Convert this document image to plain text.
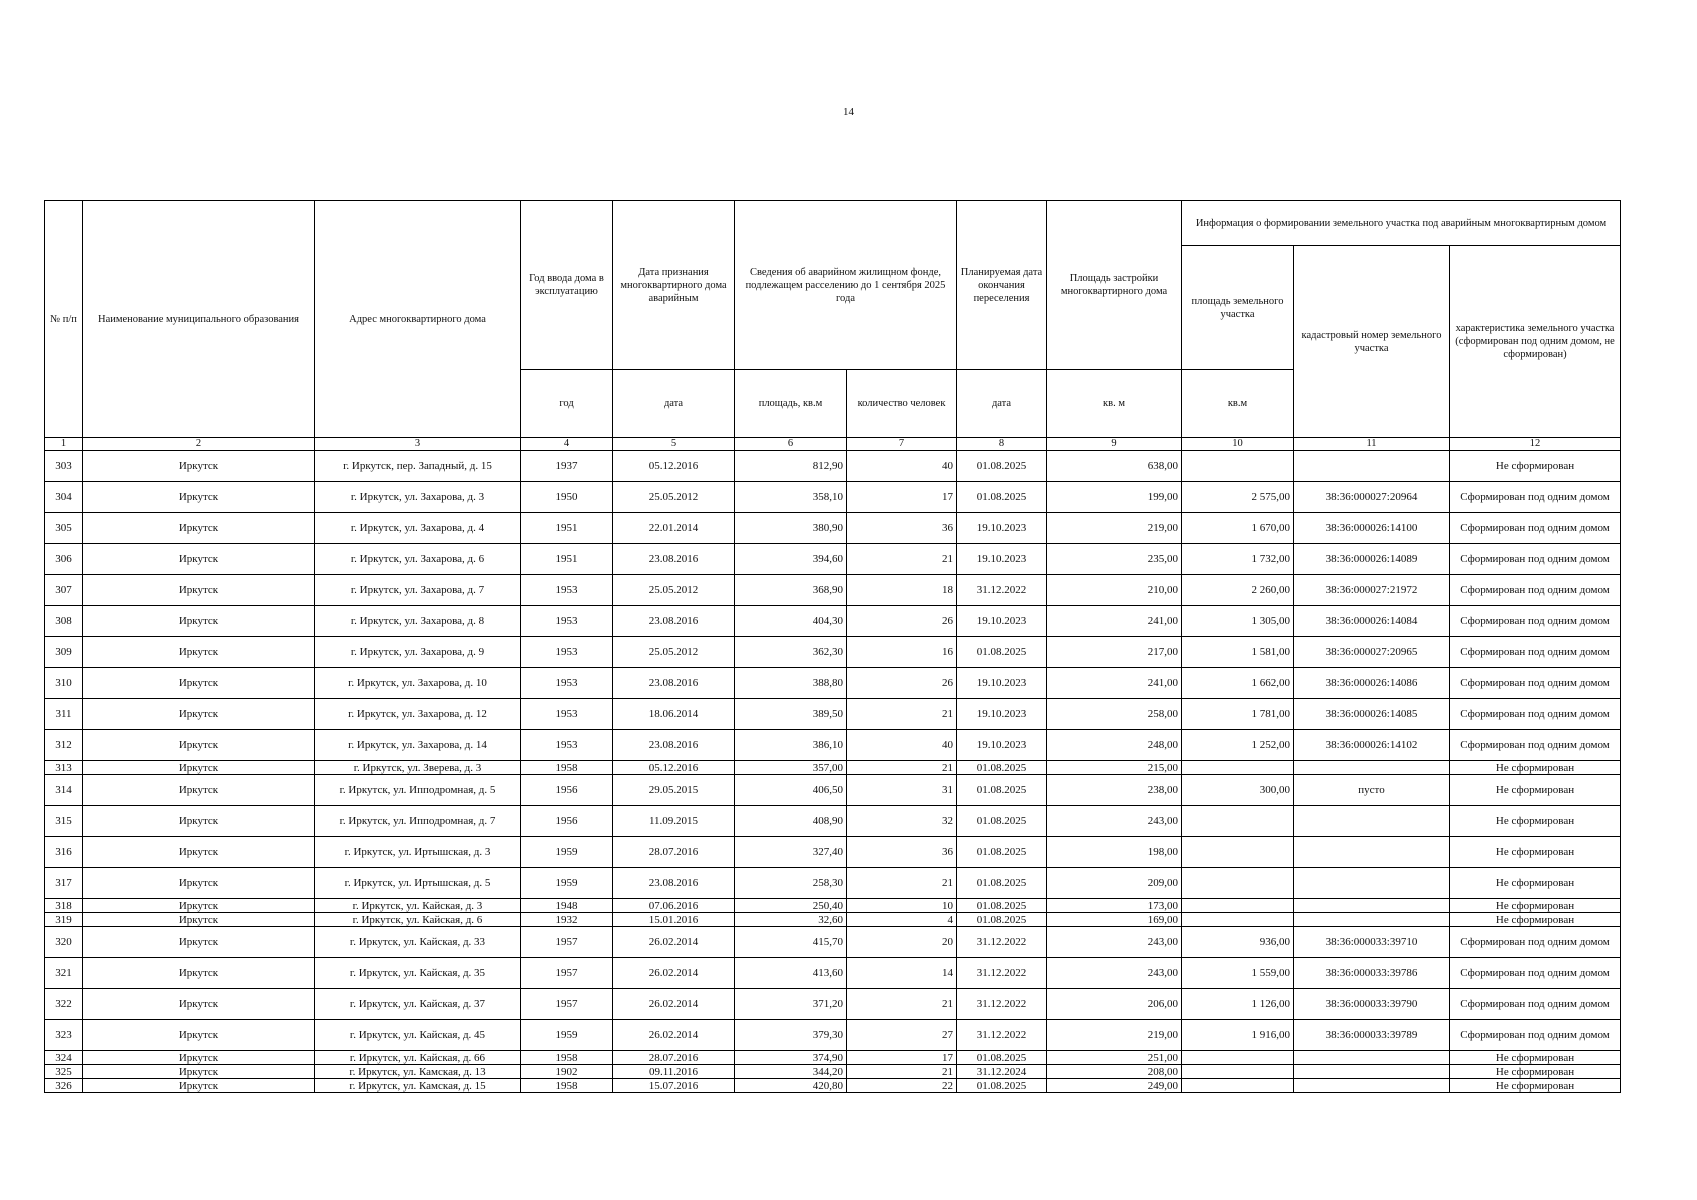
14
№ п/п	Наименование муниципального образования	Адрес многоквартирного дома	Год ввода дома в эксплуатацию	Дата признания многоквартирного дома аварийным	Сведения об аварийном жилищном фонде, подлежащем расселению до 1 сентября 2025 года		Планируемая дата окончания переселения	Площадь застройки многоквартирного дома	Информация о формировании земельного участка под аварийным многоквартирным домом		
									площадь земельного участка	кадастровый номер земельного участка	характеристика земельного участка (сформирован под одним домом, не сформирован)
			год	дата	площадь, кв.м	количество человек	дата	кв. м	кв.м		
1	2	3	4	5	6	7	8	9	10	11	12
303	Иркутск	г. Иркутск, пер. Западный, д. 15	1937	05.12.2016	812,90	40	01.08.2025	638,00			Не сформирован
304	Иркутск	г. Иркутск, ул. Захарова, д. 3	1950	25.05.2012	358,10	17	01.08.2025	199,00	2 575,00	38:36:000027:20964	Сформирован под одним домом
305	Иркутск	г. Иркутск, ул. Захарова, д. 4	1951	22.01.2014	380,90	36	19.10.2023	219,00	1 670,00	38:36:000026:14100	Сформирован под одним домом
306	Иркутск	г. Иркутск, ул. Захарова, д. 6	1951	23.08.2016	394,60	21	19.10.2023	235,00	1 732,00	38:36:000026:14089	Сформирован под одним домом
307	Иркутск	г. Иркутск, ул. Захарова, д. 7	1953	25.05.2012	368,90	18	31.12.2022	210,00	2 260,00	38:36:000027:21972	Сформирован под одним домом
308	Иркутск	г. Иркутск, ул. Захарова, д. 8	1953	23.08.2016	404,30	26	19.10.2023	241,00	1 305,00	38:36:000026:14084	Сформирован под одним домом
309	Иркутск	г. Иркутск, ул. Захарова, д. 9	1953	25.05.2012	362,30	16	01.08.2025	217,00	1 581,00	38:36:000027:20965	Сформирован под одним домом
310	Иркутск	г. Иркутск, ул. Захарова, д. 10	1953	23.08.2016	388,80	26	19.10.2023	241,00	1 662,00	38:36:000026:14086	Сформирован под одним домом
311	Иркутск	г. Иркутск, ул. Захарова, д. 12	1953	18.06.2014	389,50	21	19.10.2023	258,00	1 781,00	38:36:000026:14085	Сформирован под одним домом
312	Иркутск	г. Иркутск, ул. Захарова, д. 14	1953	23.08.2016	386,10	40	19.10.2023	248,00	1 252,00	38:36:000026:14102	Сформирован под одним домом
313	Иркутск	г. Иркутск, ул. Зверева, д. 3	1958	05.12.2016	357,00	21	01.08.2025	215,00			Не сформирован
314	Иркутск	г. Иркутск, ул. Ипподромная, д. 5	1956	29.05.2015	406,50	31	01.08.2025	238,00	300,00	пусто	Не сформирован
315	Иркутск	г. Иркутск, ул. Ипподромная, д. 7	1956	11.09.2015	408,90	32	01.08.2025	243,00			Не сформирован
316	Иркутск	г. Иркутск, ул. Иртышская, д. 3	1959	28.07.2016	327,40	36	01.08.2025	198,00			Не сформирован
317	Иркутск	г. Иркутск, ул. Иртышская, д. 5	1959	23.08.2016	258,30	21	01.08.2025	209,00			Не сформирован
318	Иркутск	г. Иркутск, ул. Кайская, д. 3	1948	07.06.2016	250,40	10	01.08.2025	173,00			Не сформирован
319	Иркутск	г. Иркутск, ул. Кайская, д. 6	1932	15.01.2016	32,60	4	01.08.2025	169,00			Не сформирован
320	Иркутск	г. Иркутск, ул. Кайская, д. 33	1957	26.02.2014	415,70	20	31.12.2022	243,00	936,00	38:36:000033:39710	Сформирован под одним домом
321	Иркутск	г. Иркутск, ул. Кайская, д. 35	1957	26.02.2014	413,60	14	31.12.2022	243,00	1 559,00	38:36:000033:39786	Сформирован под одним домом
322	Иркутск	г. Иркутск, ул. Кайская, д. 37	1957	26.02.2014	371,20	21	31.12.2022	206,00	1 126,00	38:36:000033:39790	Сформирован под одним домом
323	Иркутск	г. Иркутск, ул. Кайская, д. 45	1959	26.02.2014	379,30	27	31.12.2022	219,00	1 916,00	38:36:000033:39789	Сформирован под одним домом
324	Иркутск	г. Иркутск, ул. Кайская, д. 66	1958	28.07.2016	374,90	17	01.08.2025	251,00			Не сформирован
325	Иркутск	г. Иркутск, ул. Камская, д. 13	1902	09.11.2016	344,20	21	31.12.2024	208,00			Не сформирован
326	Иркутск	г. Иркутск, ул. Камская, д. 15	1958	15.07.2016	420,80	22	01.08.2025	249,00			Не сформирован
